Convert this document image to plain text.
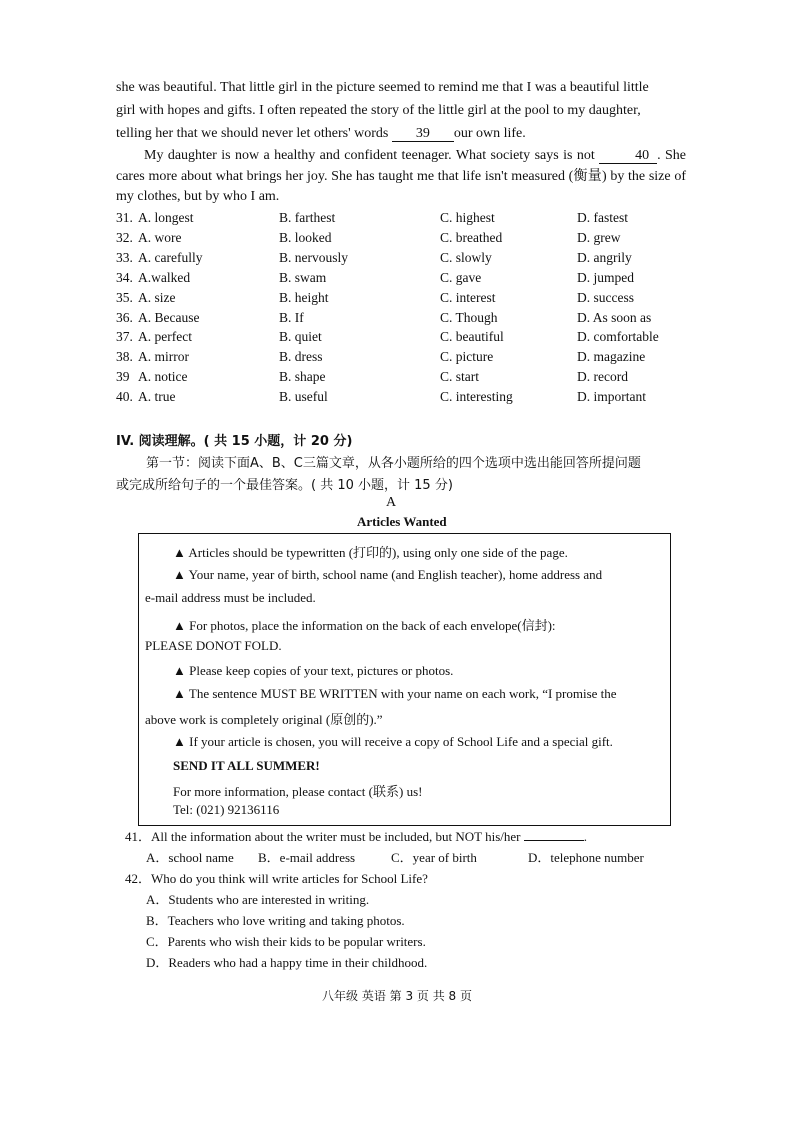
she was beautiful. That little girl in the picture seemed to remind me that I was a beautiful little
girl with hopes and gifts. I often repeated the story of the little girl at the pool to my daughter,
telling her that we should never let others' words 39 our own life.
My daughter is now a healthy and confident teenager. What society says is not	40 . She cares more about what brings her joy. She has taught me that life isn't measured (衡量) by the size of my clothes, but by who I am.
31. A. longest	B. farthest	C. highest	D. fastest
32. A. wore	B. looked	C. breathed	D. grew
33. A. carefully	B. nervously	C. slowly	D. angrily
34. A.walked	B. swam	C. gave	D. jumped
35. A. size	B. height	C. interest	D. success
36. A. Because	B. If	C. Though	D. As soon as
37. A. perfect	B. quiet	C. beautiful	D. comfortable
38. A. mirror	B. dress	C. picture	D. magazine
39 A. notice	B. shape	C. start	D. record
40. A. true	B. useful	C. interesting	D. important
IV. 阅读理解。( 共 15 小题，计 20 分)
第一节：阅读下面A、B、C三篇文章，从各小题所给的四个选项中选出能回答所提问题
或完成所给句子的一个最佳答案。( 共 10 小题，计 15 分)
A
Articles Wanted
▲ Articles should be typewritten (打印的), using only one side of the page.
▲ Your name, year of birth, school name (and English teacher), home address and
e-mail address must be included.
▲ For photos, place the information on the back of each envelope(信封):
PLEASE DONOT FOLD.
▲ Please keep copies of your text, pictures or photos.
▲ The sentence MUST BE WRITTEN with your name on each work, “I promise the
above work is completely original (原创的).”
▲ If your article is chosen, you will receive a copy of School Life and a special gift.
SEND IT ALL SUMMER!
For more information, please contact (联系) us!
Tel: (021) 92136116
41．All the information about the writer must be included, but NOT his/her	.
A．school name B．e-mail address	C．year of birth	D．telephone number
42．Who do you think will write articles for School Life?
A．Students who are interested in writing.
B．Teachers who love writing and taking photos.
C．Parents who wish their kids to be popular writers.
D．Readers who had a happy time in their childhood.
八年级 英语 第 3 页 共 8 页
